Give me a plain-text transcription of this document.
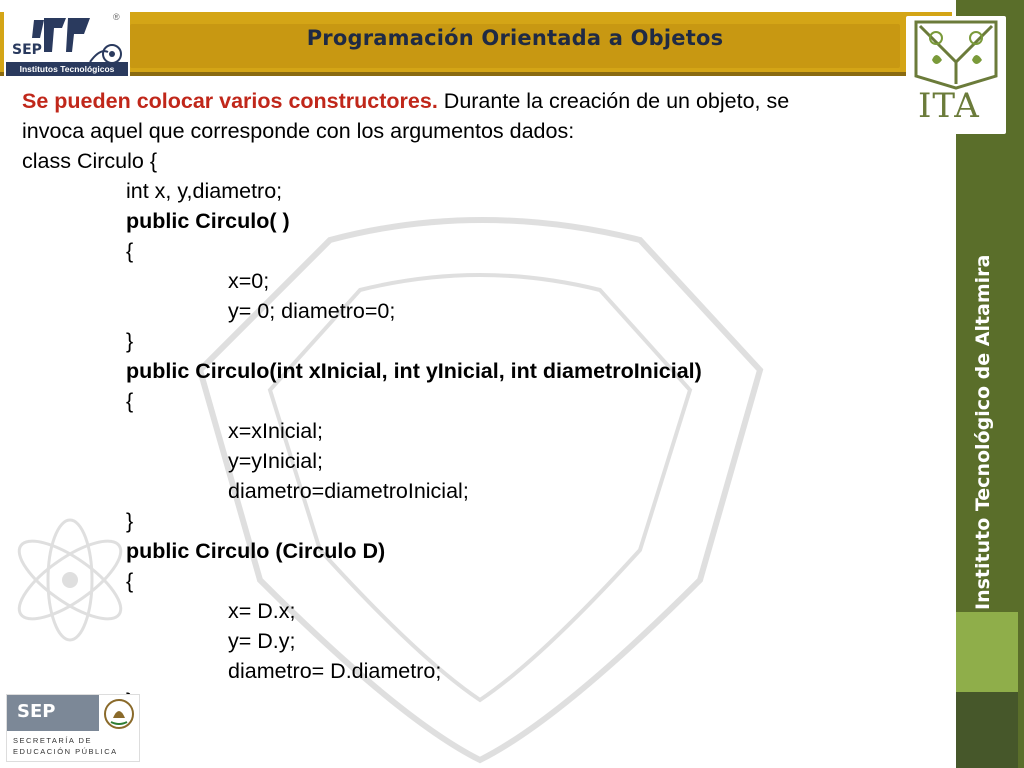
Programación Orientada a Objetos
SEP
Institutos Tecnológicos
®
Instituto Tecnológico de Altamira
ITA
Se pueden colocar varios constructores. Durante la creación de un objeto, se
invoca aquel que corresponde con los argumentos dados:
class Circulo {
int x, y,diametro;
public Circulo( )
{
x=0;
y= 0; diametro=0;
}
public Circulo(int xInicial, int yInicial, int diametroInicial)
{
x=xInicial;
y=yInicial;
diametro=diametroInicial;
}
public Circulo (Circulo D)
{
x= D.x;
y= D.y;
diametro= D.diametro;
SEP
SECRETARÍA DE
EDUCACIÓN PÚBLICA
